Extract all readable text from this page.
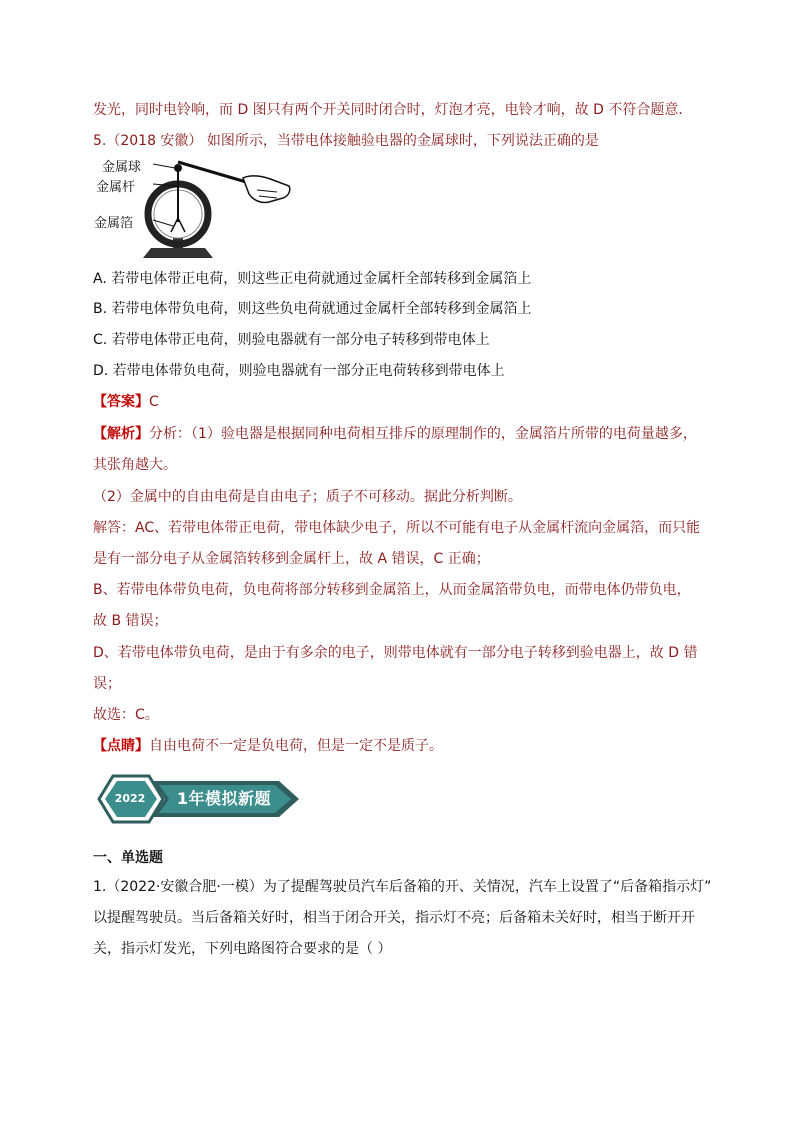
发光，同时电铃响，而 D 图只有两个开关同时闭合时，灯泡才亮，电铃才响，故 D 不符合题意．

5.（2018 安徽） 如图所示，当带电体接触验电器的金属球时，下列说法正确的是

金属球
金属杆
金属箔

A. 若带电体带正电荷，则这些正电荷就通过金属杆全部转移到金属箔上

B. 若带电体带负电荷，则这些负电荷就通过金属杆全部转移到金属箔上

C. 若带电体带正电荷，则验电器就有一部分电子转移到带电体上

D. 若带电体带负电荷，则验电器就有一部分正电荷转移到带电体上

【答案】C

【解析】分析：（1）验电器是根据同种电荷相互排斥的原理制作的，金属箔片所带的电荷量越多，

其张角越大。

（2）金属中的自由电荷是自由电子；质子不可移动。据此分析判断。

解答：AC、若带电体带正电荷，带电体缺少电子，所以不可能有电子从金属杆流向金属箔，而只能

是有一部分电子从金属箔转移到金属杆上，故 A 错误，C 正确；

B、若带电体带负电荷，负电荷将部分转移到金属箔上，从而金属箔带负电，而带电体仍带负电，

故 B 错误；

D、若带电体带负电荷，是由于有多余的电子，则带电体就有一部分电子转移到验电器上，故 D 错

误；

故选：C。

【点睛】自由电荷不一定是负电荷，但是一定不是质子。

2022	1年模拟新题

一、单选题

1.（2022·安徽合肥·一模）为了提醒驾驶员汽车后备箱的开、关情况，汽车上设置了“后备箱指示灯”

以提醒驾驶员。当后备箱关好时，相当于闭合开关，指示灯不亮；后备箱未关好时，相当于断开开

关，指示灯发光，下列电路图符合要求的是（ ）
